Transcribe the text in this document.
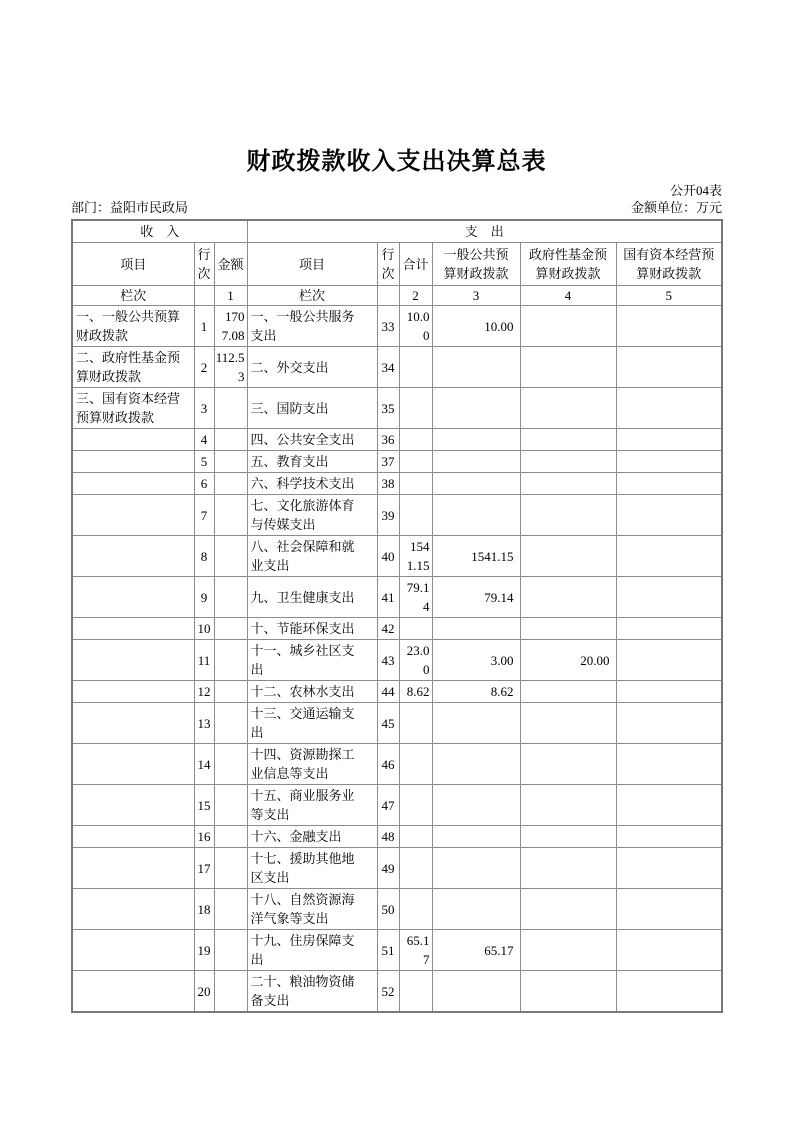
财政拨款收入支出决算总表
公开04表
部门：益阳市民政局	金额单位：万元
收　入			支　出					
项目	行次	金额	项目	行次	合计	一般公共预算财政拨款	政府性基金预算财政拨款	国有资本经营预算财政拨款
栏次		1	栏次		2	3	4	5
一、一般公共预算财政拨款	1	1707.08	一、一般公共服务支出	33	10.00	10.00		
二、政府性基金预算财政拨款	2	112.53	二、外交支出	34				
三、国有资本经营预算财政拨款	3		三、国防支出	35				
	4		四、公共安全支出	36				
	5		五、教育支出	37				
	6		六、科学技术支出	38				
	7		七、文化旅游体育与传媒支出	39				
	8		八、社会保障和就业支出	40	1541.15	1541.15		
	9		九、卫生健康支出	41	79.14	79.14		
	10		十、节能环保支出	42				
	11		十一、城乡社区支出	43	23.00	3.00	20.00	
	12		十二、农林水支出	44	8.62	8.62		
	13		十三、交通运输支出	45				
	14		十四、资源勘探工业信息等支出	46				
	15		十五、商业服务业等支出	47				
	16		十六、金融支出	48				
	17		十七、援助其他地区支出	49				
	18		十八、自然资源海洋气象等支出	50				
	19		十九、住房保障支出	51	65.17	65.17		
	20		二十、粮油物资储备支出	52				
